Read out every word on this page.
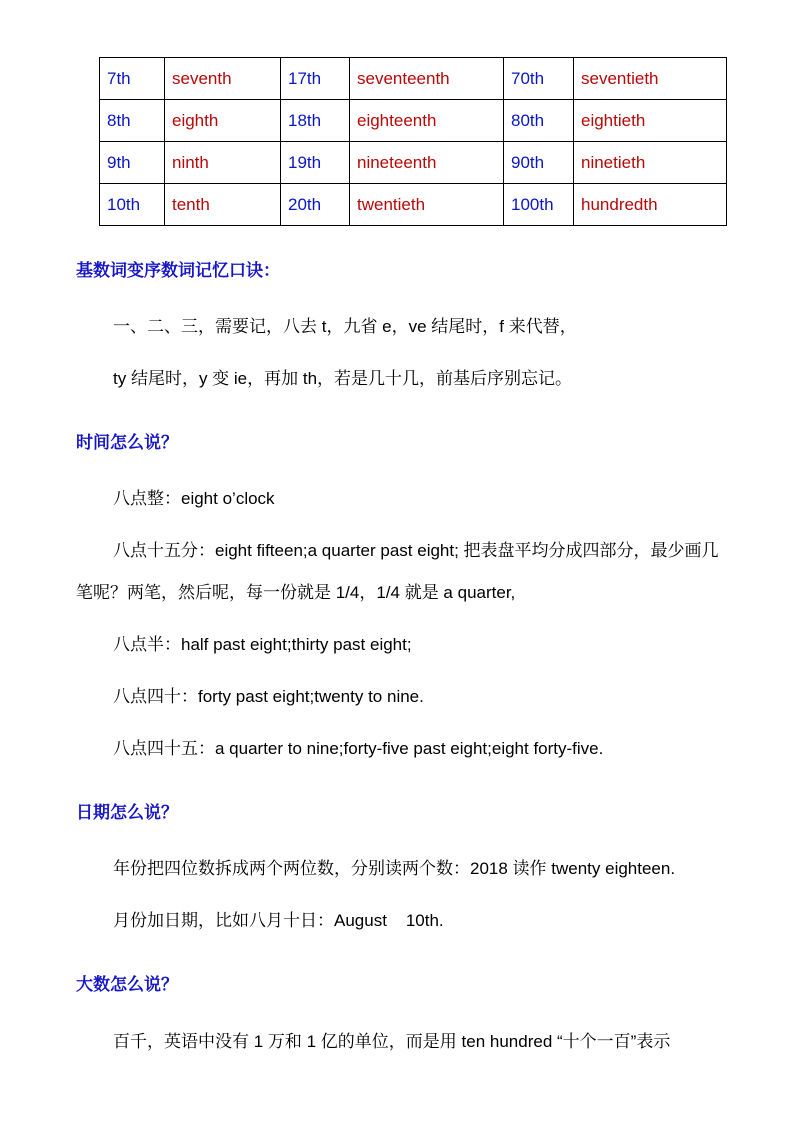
7th	seventh	17th	seventeenth	70th	seventieth
8th	eighth	18th	eighteenth	80th	eightieth
9th	ninth	19th	nineteenth	90th	ninetieth
10th	tenth	20th	twentieth	100th	hundredth
基数词变序数词记忆口诀：

一、二、三，需要记，八去 t，九省 e，ve 结尾时，f 来代替，

ty 结尾时，y 变 ie，再加 th，若是几十几，前基后序别忘记。

时间怎么说？

八点整：eight o’clock

八点十五分：eight fifteen;a quarter past eight; 把表盘平均分成四部分，最少画几笔呢？两笔，然后呢，每一份就是 1/4，1/4 就是 a quarter,

八点半：half past eight;thirty past eight;

八点四十：forty past eight;twenty to nine.

八点四十五：a quarter to nine;forty-five past eight;eight forty-five.

日期怎么说？

年份把四位数拆成两个两位数，分别读两个数：2018 读作 twenty eighteen.

月份加日期，比如八月十日：August    10th.

大数怎么说？

百千，英语中没有 1 万和 1 亿的单位，而是用 ten hundred “十个一百”表示
